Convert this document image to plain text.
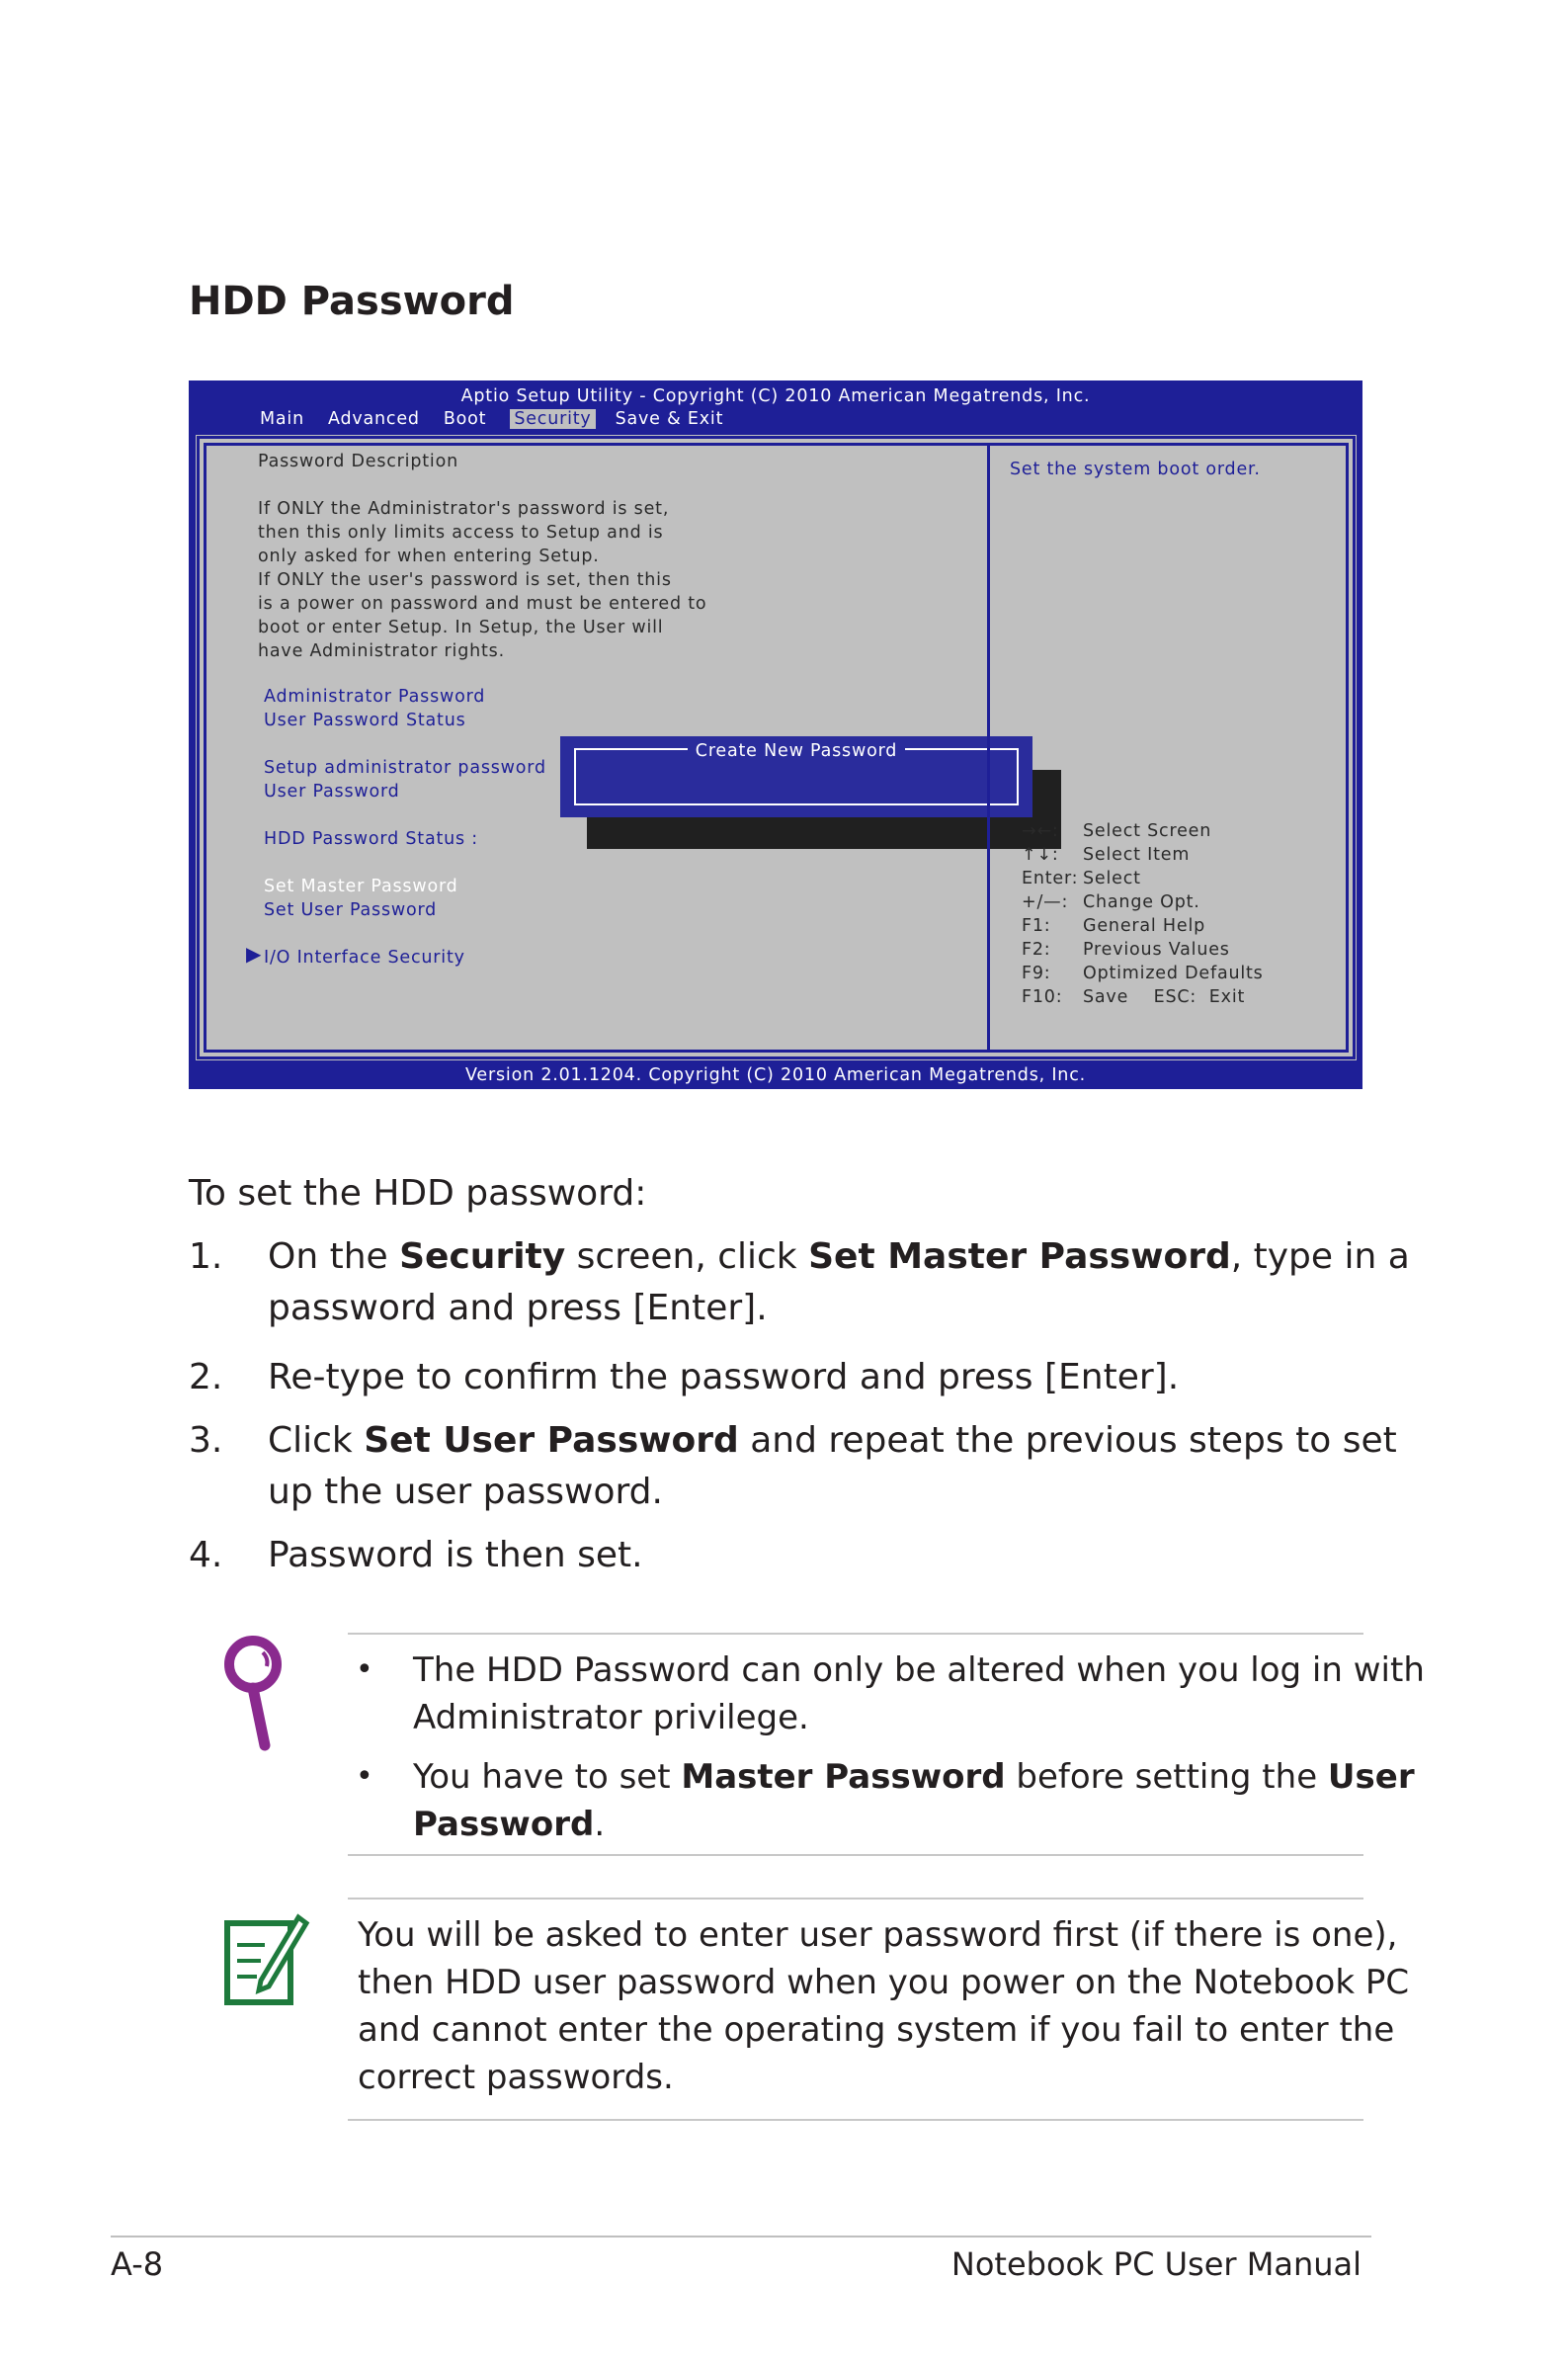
HDD Password
Aptio Setup Utility - Copyright (C) 2010 American Megatrends, Inc.
Main Advanced Boot Security Save & Exit
Password Description
If ONLY the Administrator's password is set,
then this only limits access to Setup and is
only asked for when entering Setup.
If ONLY the user's password is set, then this
is a power on password and must be entered to
boot or enter Setup. In Setup, the User will
have Administrator rights.
Administrator Password
User Password Status
Setup administrator password
User Password
HDD Password Status :
Set Master Password
Set User Password
▶ I/O Interface Security
Create New Password
Set the system boot order.
→←:	Select Screen
↑↓:	Select Item
Enter: Select
+/—: Change Opt.
F1:	General Help
F2:	Previous Values
F9:	Optimized Defaults
F10:	Save    ESC:  Exit
Version 2.01.1204. Copyright (C) 2010 American Megatrends, Inc.
To set the HDD password:
1. On the Security screen, click Set Master Password, type in a
password and press [Enter].
2. Re-type to confirm the password and press [Enter].
3. Click Set User Password and repeat the previous steps to set
up the user password.
4. Password is then set.
• The HDD Password can only be altered when you log in with
Administrator privilege.
• You have to set Master Password before setting the User
Password.
You will be asked to enter user password first (if there is one),
then HDD user password when you power on the Notebook PC
and cannot enter the operating system if you fail to enter the
correct passwords.
A-8	Notebook PC User Manual
